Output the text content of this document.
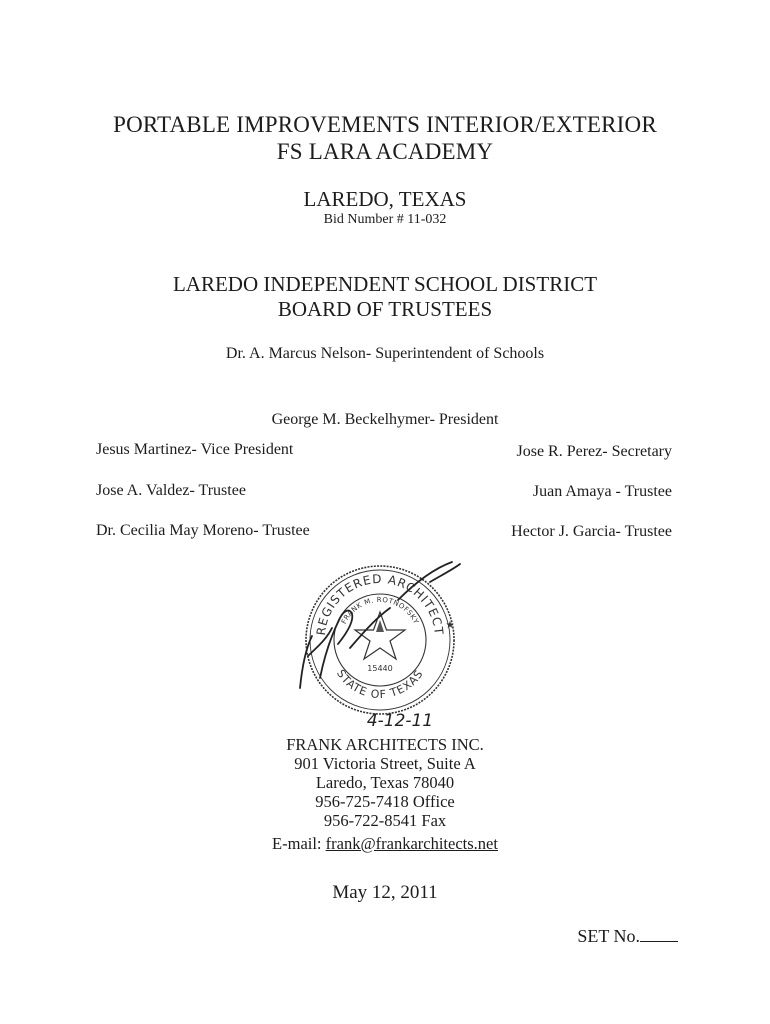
PORTABLE IMPROVEMENTS INTERIOR/EXTERIOR
FS LARA ACADEMY
LAREDO, TEXAS
Bid Number # 11-032
LAREDO INDEPENDENT SCHOOL DISTRICT
BOARD OF TRUSTEES
Dr. A. Marcus Nelson- Superintendent of Schools
George M. Beckelhymer- President
Jesus Martinez- Vice President
Jose A. Valdez- Trustee
Dr. Cecilia May Moreno- Trustee
Jose R. Perez- Secretary
Juan Amaya - Trustee
Hector J. Garcia- Trustee
REGISTERED ARCHITECT
FRANK M. ROTNOFSKY
STATE OF TEXAS
15440
★
4-12-11
FRANK ARCHITECTS INC.
901 Victoria Street, Suite A
Laredo, Texas 78040
956-725-7418 Office
956-722-8541 Fax
E-mail: frank@frankarchitects.net
May 12, 2011
SET No.
